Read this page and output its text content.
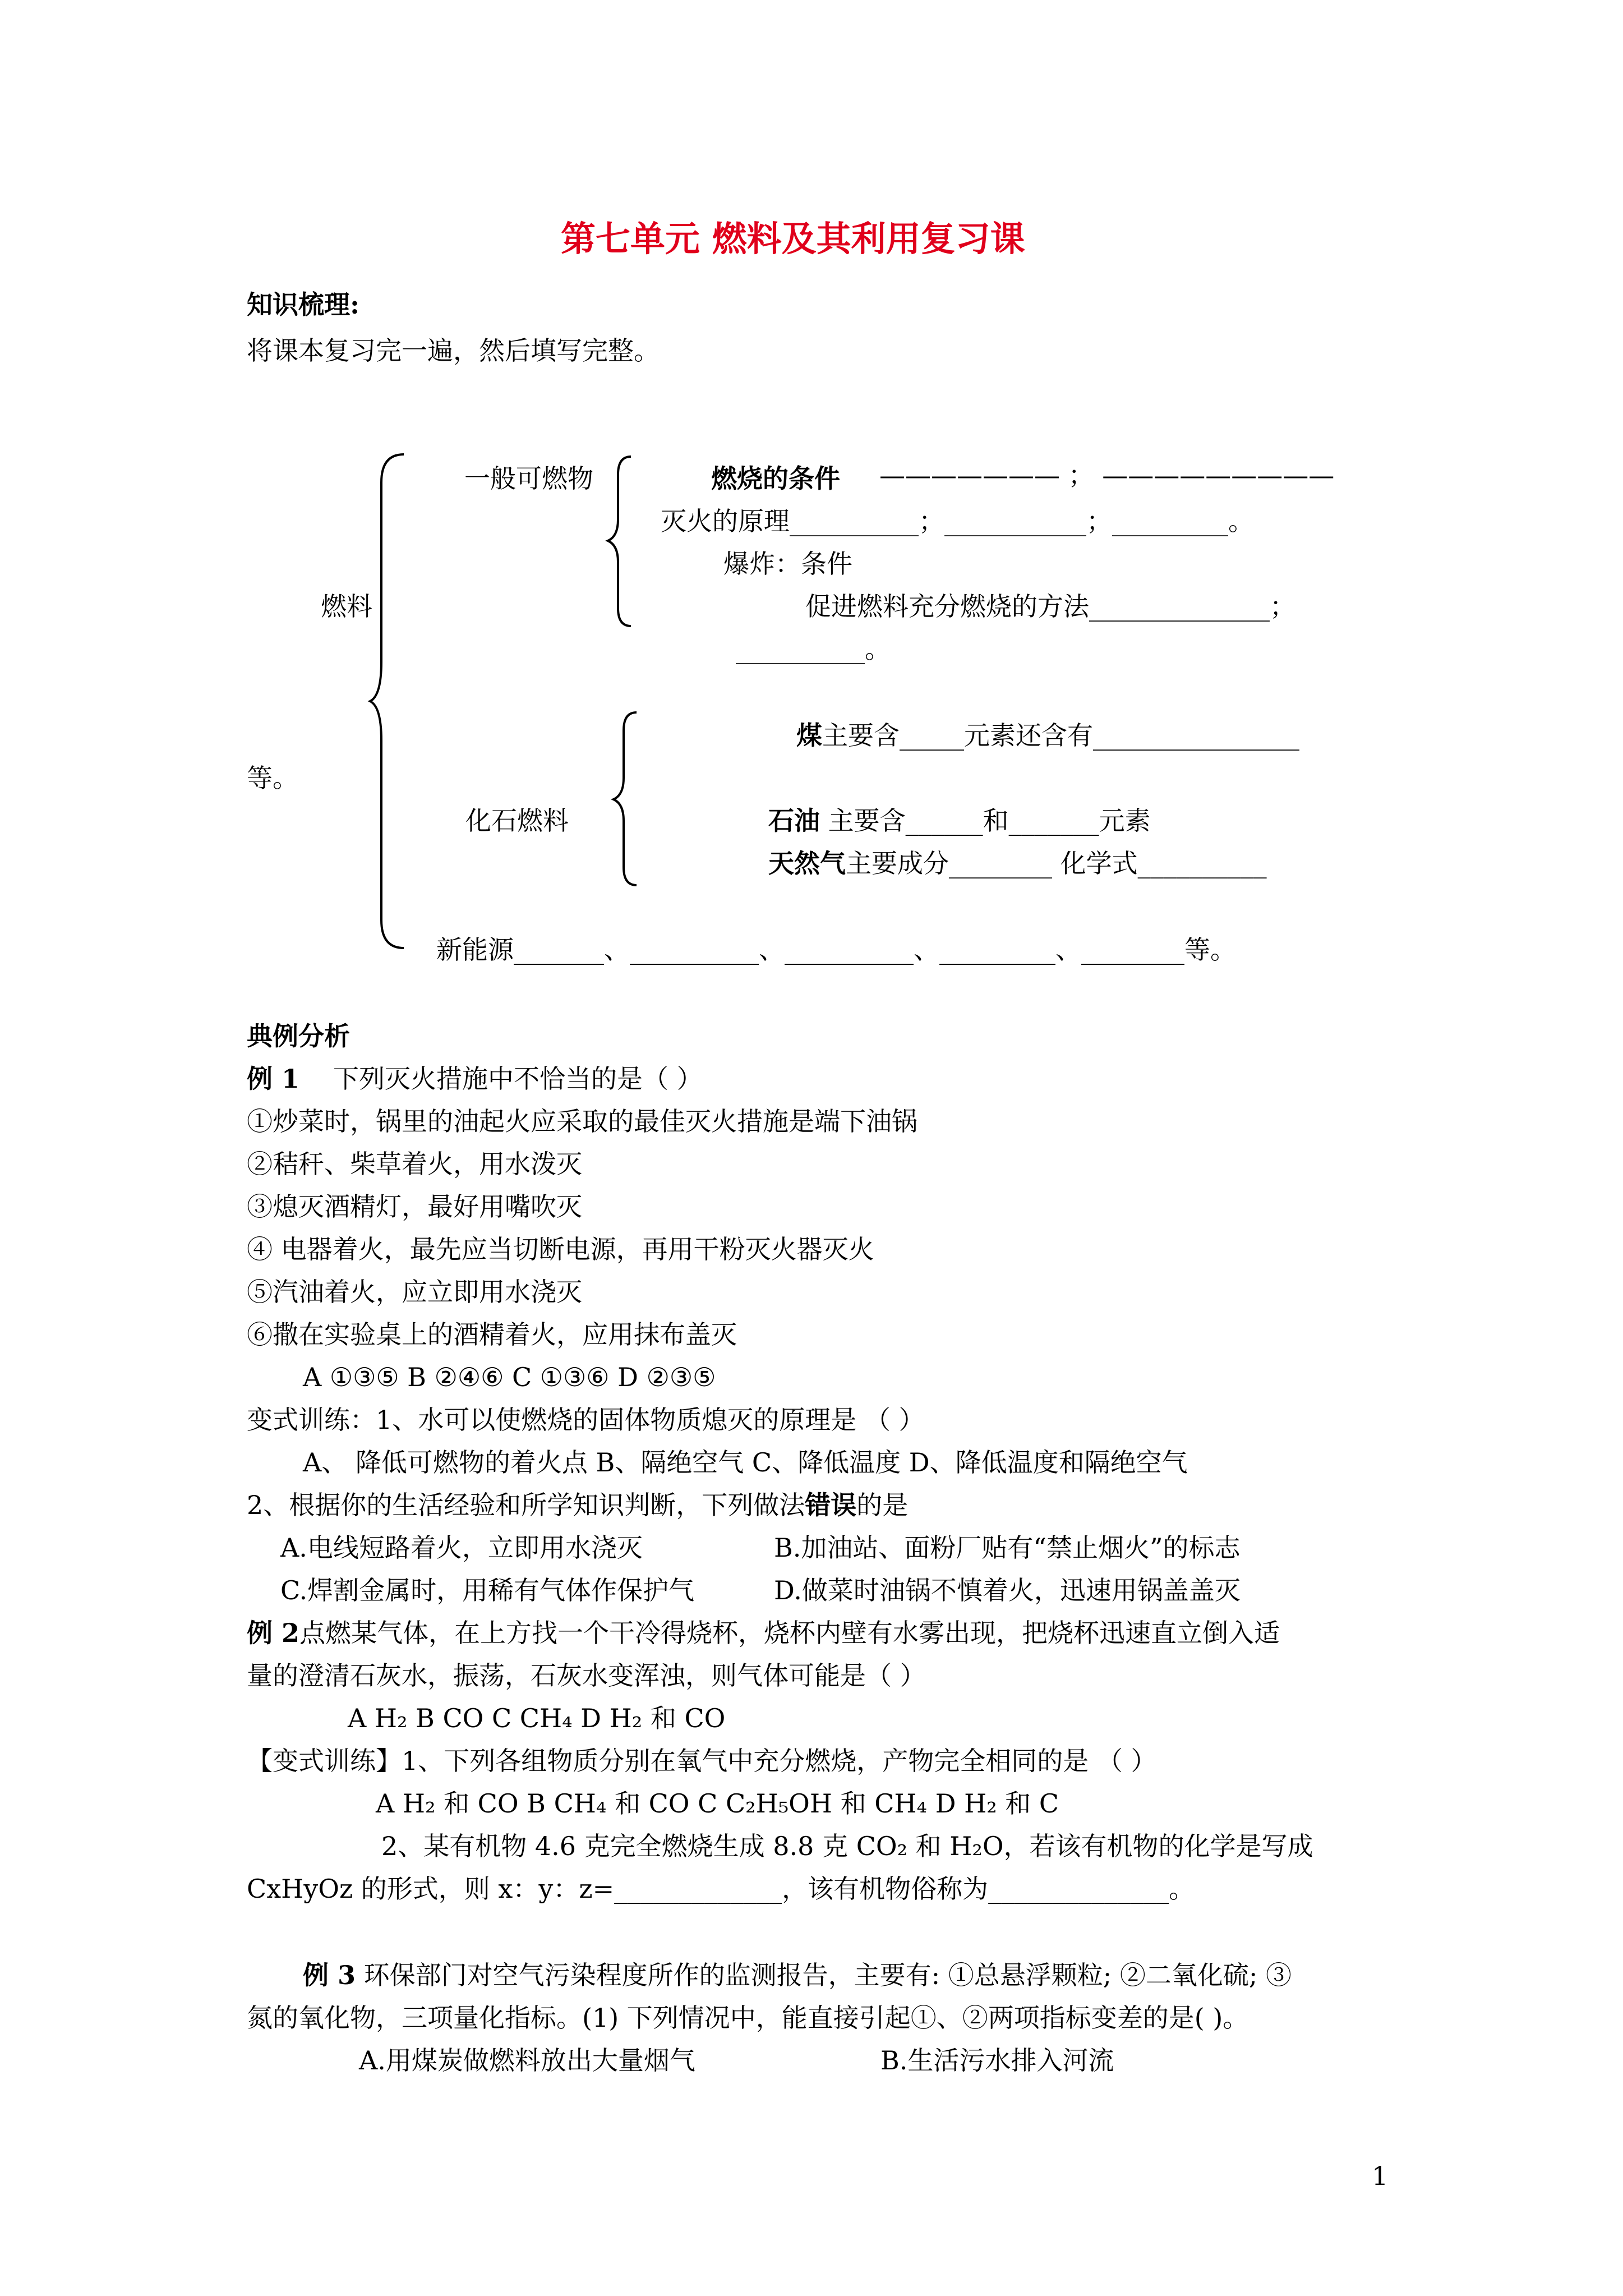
第七单元 燃料及其利用复习课
知识梳理:
将课本复习完一遍，然后填写完整。
燃料
一般可燃物	燃烧的条件 ——————— ； —————————
灭火的原理__________；___________；_________。
爆炸：条件
促进燃料充分燃烧的方法______________；
__________。
煤主要含_____元素还含有________________
等。
化石燃料	石油 主要含______和_______元素
天然气主要成分________ 化学式__________
新能源_______、__________、__________、_________、________等。
典例分析
例 1 下列灭火措施中不恰当的是（ ）
①炒菜时，锅里的油起火应采取的最佳灭火措施是端下油锅
②秸秆、柴草着火，用水泼灭
③熄灭酒精灯，最好用嘴吹灭
④ 电器着火，最先应当切断电源，再用干粉灭火器灭火
⑤汽油着火，应立即用水浇灭
⑥撒在实验桌上的酒精着火，应用抹布盖灭
A ①③⑤ B ②④⑥ C ①③⑥ D ②③⑤
变式训练：1、水可以使燃烧的固体物质熄灭的原理是 （ ）
A、 降低可燃物的着火点 B、隔绝空气 C、降低温度 D、降低温度和隔绝空气
2、根据你的生活经验和所学知识判断，下列做法错误的是
A.电线短路着火，立即用水浇灭	B.加油站、面粉厂贴有“禁止烟火”的标志
C.焊割金属时，用稀有气体作保护气	D.做菜时油锅不慎着火，迅速用锅盖盖灭
例 2点燃某气体，在上方找一个干冷得烧杯，烧杯内壁有水雾出现，把烧杯迅速直立倒入适
量的澄清石灰水，振荡，石灰水变浑浊，则气体可能是（ ）
A H₂ B CO C CH₄ D H₂ 和 CO
【变式训练】1、下列各组物质分别在氧气中充分燃烧，产物完全相同的是 （ ）
A H₂ 和 CO B CH₄ 和 CO C C₂H₅OH 和 CH₄ D H₂ 和 C
2、某有机物 4.6 克完全燃烧生成 8.8 克 CO₂ 和 H₂O，若该有机物的化学是写成
CxHyOz 的形式，则 x：y：z=_____________，该有机物俗称为______________。
例 3 环保部门对空气污染程度所作的监测报告，主要有: ①总悬浮颗粒; ②二氧化硫; ③
氮的氧化物，三项量化指标。(1) 下列情况中，能直接引起①、②两项指标变差的是( )。
A.用煤炭做燃料放出大量烟气	B.生活污水排入河流
1
